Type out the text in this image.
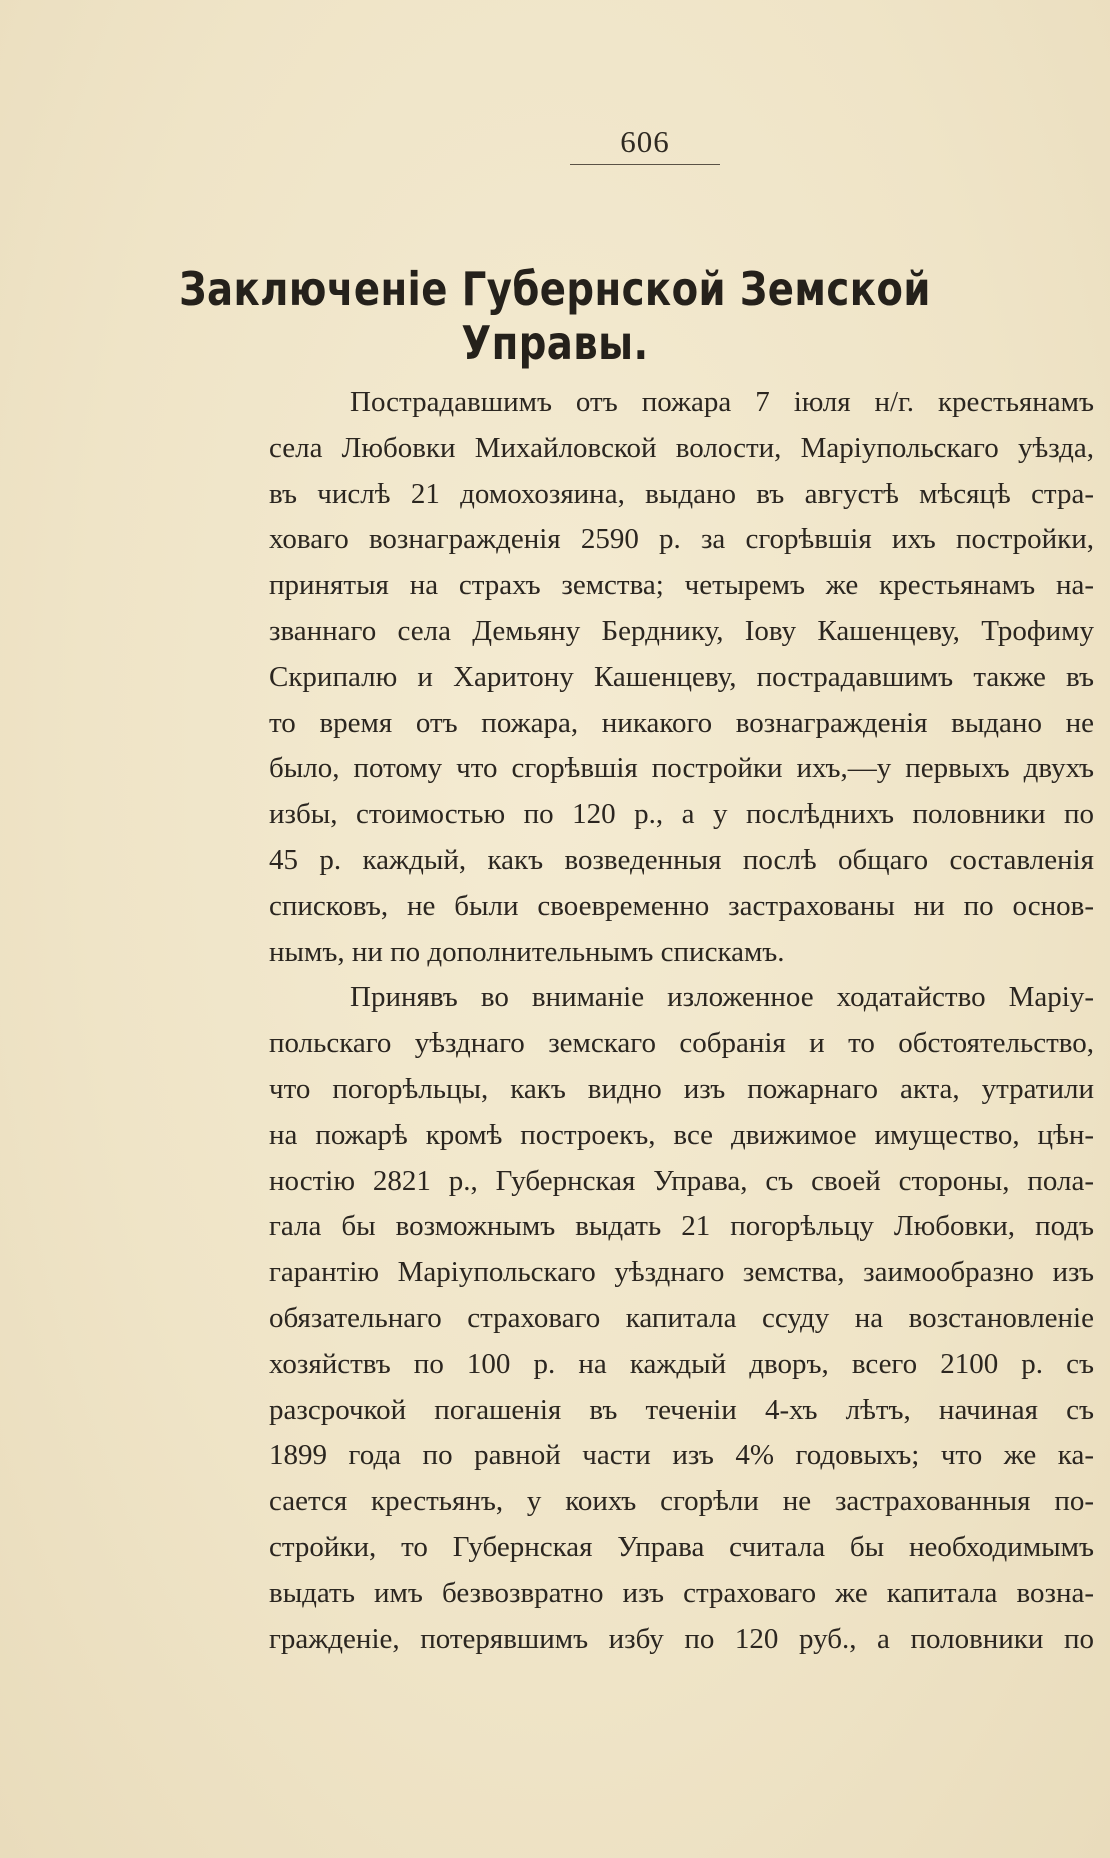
606
Заключеніе Губернской Земской Управы.
Пострадавшимъ отъ пожара 7 іюля н/г. крестьянамъ
села Любовки Михайловской волости, Маріупольскаго уѣзда,
въ числѣ 21 домохозяина, выдано въ августѣ мѣсяцѣ стра-
ховаго вознагражденія 2590 р. за сгорѣвшія ихъ постройки,
принятыя на страхъ земства; четыремъ же крестьянамъ на-
званнаго села Демьяну Берднику, Іову Кашенцеву, Трофиму
Скрипалю и Харитону Кашенцеву, пострадавшимъ также въ
то время отъ пожара, никакого вознагражденія выдано не
было, потому что сгорѣвшія постройки ихъ,—у первыхъ двухъ
избы, стоимостью по 120 р., а у послѣднихъ половники по
45 р. каждый, какъ возведенныя послѣ общаго составленія
списковъ, не были своевременно застрахованы ни по основ-
нымъ, ни по дополнительнымъ спискамъ.
Принявъ во вниманіе изложенное ходатайство Маріу-
польскаго уѣзднаго земскаго собранія и то обстоятельство,
что погорѣльцы, какъ видно изъ пожарнаго акта, утратили
на пожарѣ кромѣ построекъ, все движимое имущество, цѣн-
ностію 2821 р., Губернская Управа, съ своей стороны, пола-
гала бы возможнымъ выдать 21 погорѣльцу Любовки, подъ
гарантію Маріупольскаго уѣзднаго земства, заимообразно изъ
обязательнаго страховаго капитала ссуду на возстановленіе
хозяйствъ по 100 р. на каждый дворъ, всего 2100 р. съ
разсрочкой погашенія въ теченіи 4-хъ лѣтъ, начиная съ
1899 года по равной части изъ 4% годовыхъ; что же ка-
сается крестьянъ, у коихъ сгорѣли не застрахованныя по-
стройки, то Губернская Управа считала бы необходимымъ
выдать имъ безвозвратно изъ страховаго же капитала возна-
гражденіе, потерявшимъ избу по 120 руб., а половники по
